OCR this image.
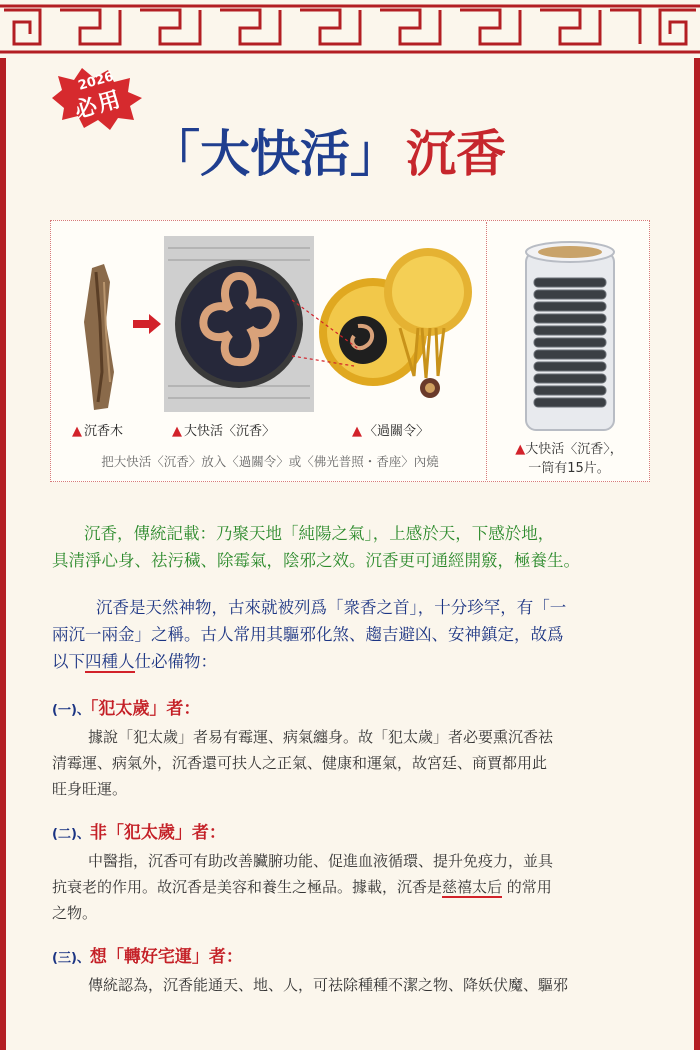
2026
必用
「大快活」 沉香
▲ 沉香木	▲ 大快活〈沉香〉	▲ 〈過關令〉
把大快活〈沉香〉放入〈過關令〉或〈佛光普照・香座〉內燒
▲大快活〈沉香〉，
一筒有15片。
沉香，傳統記載：乃聚天地「純陽之氣」，上感於天，下感於地，
具清淨心身、祛污穢、除霉氣，陰邪之效。沉香更可通經開竅，極養生。
沉香是天然神物，古來就被列爲「衆香之首」，十分珍罕，有「一
兩沉一兩金」之稱。古人常用其驅邪化煞、趨吉避凶、安神鎮定，故爲
以下四種人仕必備物：
(一)、「犯太歲」者：
據說「犯太歲」者易有霉運、病氣纏身。故「犯太歲」者必要熏沉香祛
清霉運、病氣外，沉香還可扶人之正氣、健康和運氣，故宮廷、商賈都用此
旺身旺運。
(二)、非「犯太歲」者：
中醫指，沉香可有助改善臟腑功能、促進血液循環、提升免疫力，並具
抗衰老的作用。故沉香是美容和養生之極品。據載，沉香是慈禧太后 的常用
之物。
(三)、想「轉好宅運」者：
傳統認為，沉香能通天、地、人，可祛除種種不潔之物、降妖伏魔、驅邪
